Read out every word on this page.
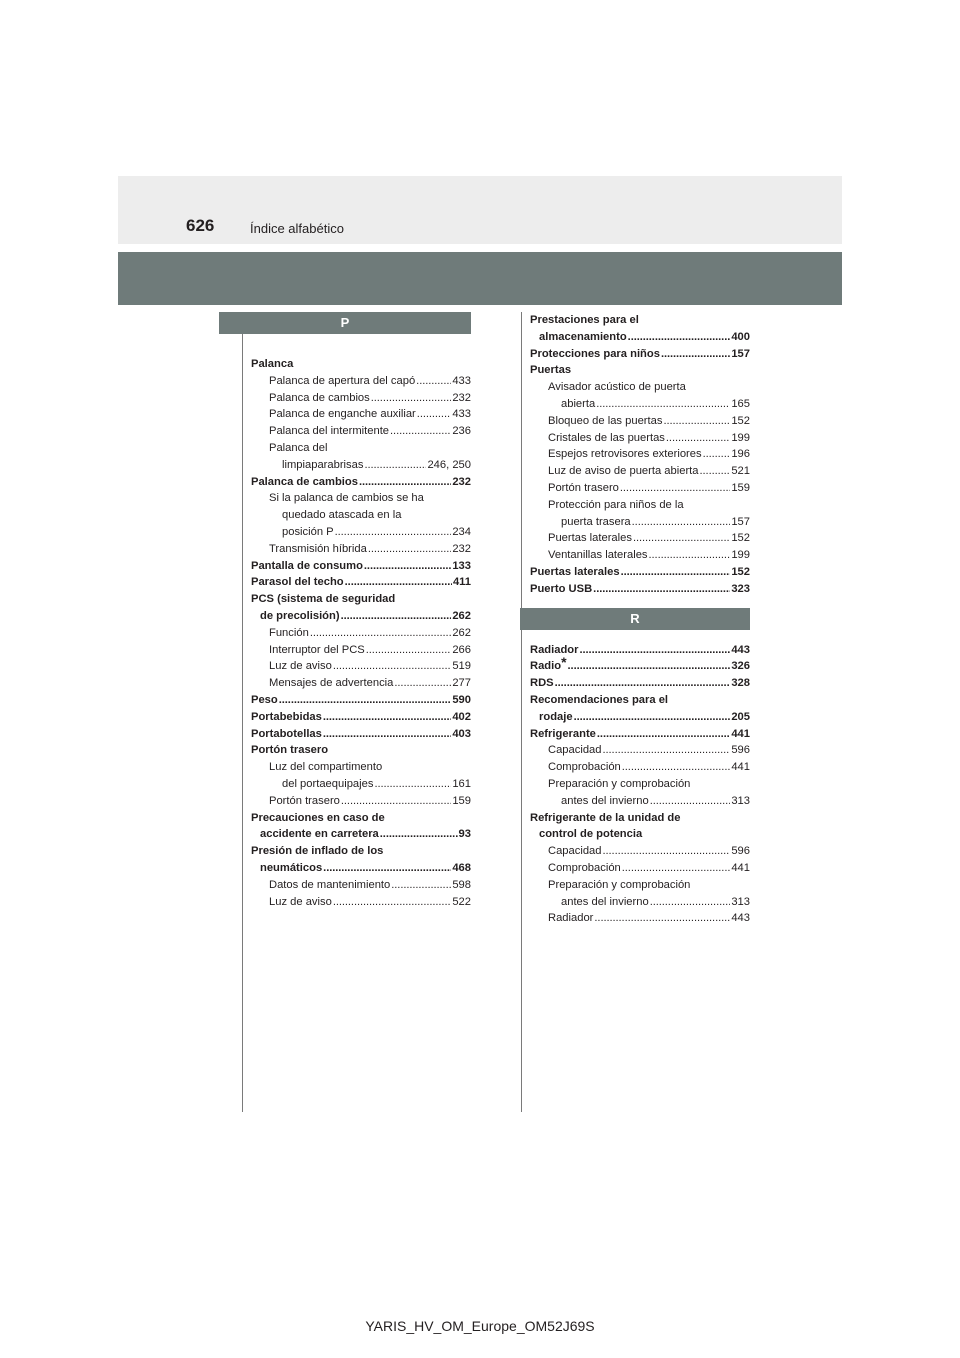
626	Índice alfabético
P
Palanca
Palanca de apertura del capó . . .	433
Palanca de cambios . . .	232
Palanca de enganche auxiliar . . .	433
Palanca del intermitente . . .	236
Palanca del
limpiaparabrisas . . .	246, 250
Palanca de cambios . . .	232
Si la palanca de cambios se ha
quedado atascada en la
posición P . . .	234
Transmisión híbrida . . .	232
Pantalla de consumo . . .	133
Parasol del techo . . .	411
PCS (sistema de seguridad
de precolisión) . . .	262
Función . . .	262
Interruptor del PCS . . .	266
Luz de aviso . . .	519
Mensajes de advertencia . . .	277
Peso . . .	590
Portabebidas . . .	402
Portabotellas . . .	403
Portón trasero
Luz del compartimento
del portaequipajes . . .	161
Portón trasero . . .	159
Precauciones en caso de
accidente en carretera . . .	93
Presión de inflado de los
neumáticos . . .	468
Datos de mantenimiento . . .	598
Luz de aviso . . .	522
Prestaciones para el
almacenamiento . . .	400
Protecciones para niños . . .	157
Puertas
Avisador acústico de puerta
abierta . . .	165
Bloqueo de las puertas . . .	152
Cristales de las puertas . . .	199
Espejos retrovisores exteriores . . .	196
Luz de aviso de puerta abierta . . .	521
Portón trasero . . .	159
Protección para niños de la
puerta trasera . . .	157
Puertas laterales . . .	152
Ventanillas laterales . . .	199
Puertas laterales . . .	152
Puerto USB . . .	323
R
Radiador . . .	443
Radio* . . .	326
RDS . . .	328
Recomendaciones para el
rodaje . . .	205
Refrigerante . . .	441
Capacidad . . .	596
Comprobación . . .	441
Preparación y comprobación
antes del invierno . . .	313
Refrigerante de la unidad de
control de potencia
Capacidad . . .	596
Comprobación . . .	441
Preparación y comprobación
antes del invierno . . .	313
Radiador . . .	443
YARIS_HV_OM_Europe_OM52J69S
